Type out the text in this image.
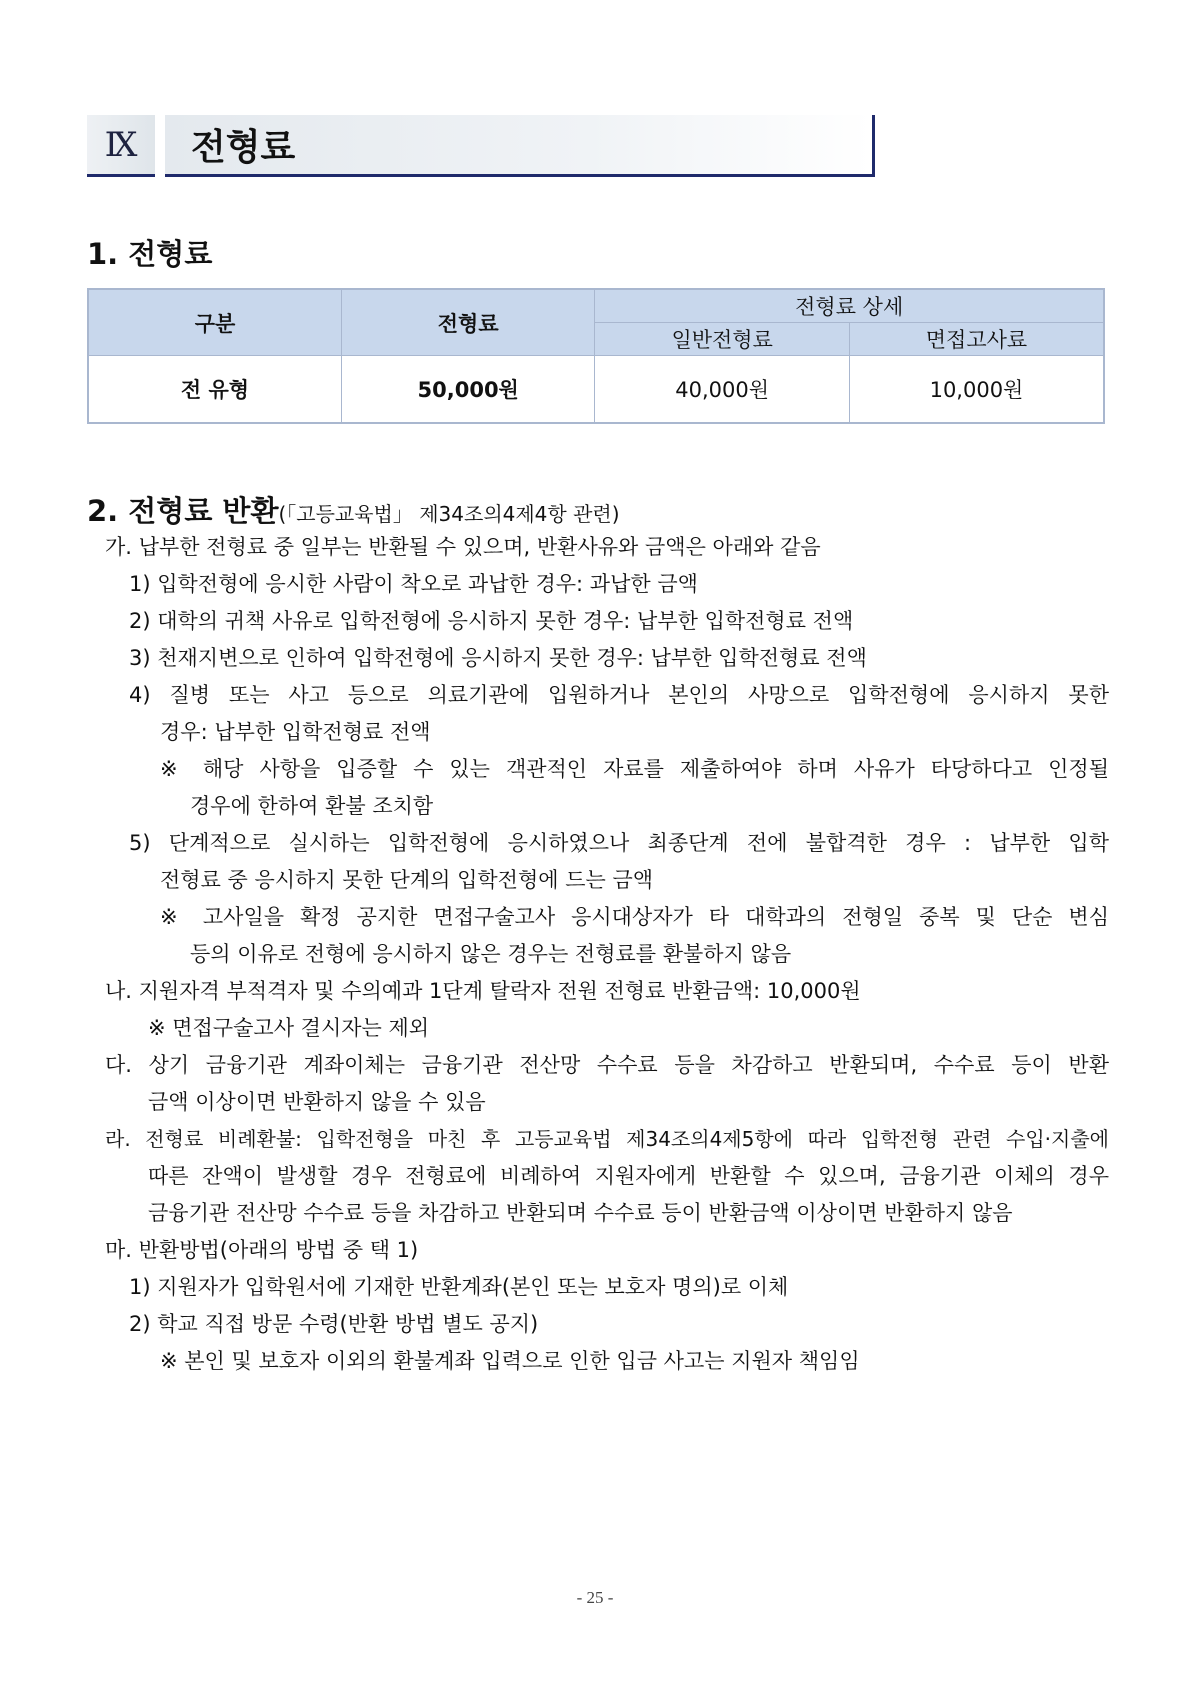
Ⅸ	전형료
1. 전형료
구분	전형료	전형료 상세	
		일반전형료	면접고사료
전 유형	50,000원	40,000원	10,000원
2. 전형료 반환(「고등교육법」 제34조의4제4항 관련)
가. 납부한 전형료 중 일부는 반환될 수 있으며, 반환사유와 금액은 아래와 같음
1) 입학전형에 응시한 사람이 착오로 과납한 경우: 과납한 금액
2) 대학의 귀책 사유로 입학전형에 응시하지 못한 경우: 납부한 입학전형료 전액
3) 천재지변으로 인하여 입학전형에 응시하지 못한 경우: 납부한 입학전형료 전액
4) 질병 또는 사고 등으로 의료기관에 입원하거나 본인의 사망으로 입학전형에 응시하지 못한
경우: 납부한 입학전형료 전액
※ 해당 사항을 입증할 수 있는 객관적인 자료를 제출하여야 하며 사유가 타당하다고 인정될
경우에 한하여 환불 조치함
5) 단계적으로 실시하는 입학전형에 응시하였으나 최종단계 전에 불합격한 경우 : 납부한 입학
전형료 중 응시하지 못한 단계의 입학전형에 드는 금액
※ 고사일을 확정 공지한 면접구술고사 응시대상자가 타 대학과의 전형일 중복 및 단순 변심
등의 이유로 전형에 응시하지 않은 경우는 전형료를 환불하지 않음
나. 지원자격 부적격자 및 수의예과 1단계 탈락자 전원 전형료 반환금액: 10,000원
※ 면접구술고사 결시자는 제외
다. 상기 금융기관 계좌이체는 금융기관 전산망 수수료 등을 차감하고 반환되며, 수수료 등이 반환
금액 이상이면 반환하지 않을 수 있음
라. 전형료 비례환불: 입학전형을 마친 후 고등교육법 제34조의4제5항에 따라 입학전형 관련 수입·지출에
따른 잔액이 발생할 경우 전형료에 비례하여 지원자에게 반환할 수 있으며, 금융기관 이체의 경우
금융기관 전산망 수수료 등을 차감하고 반환되며 수수료 등이 반환금액 이상이면 반환하지 않음
마. 반환방법(아래의 방법 중 택 1)
1) 지원자가 입학원서에 기재한 반환계좌(본인 또는 보호자 명의)로 이체
2) 학교 직접 방문 수령(반환 방법 별도 공지)
※ 본인 및 보호자 이외의 환불계좌 입력으로 인한 입금 사고는 지원자 책임임
- 25 -
